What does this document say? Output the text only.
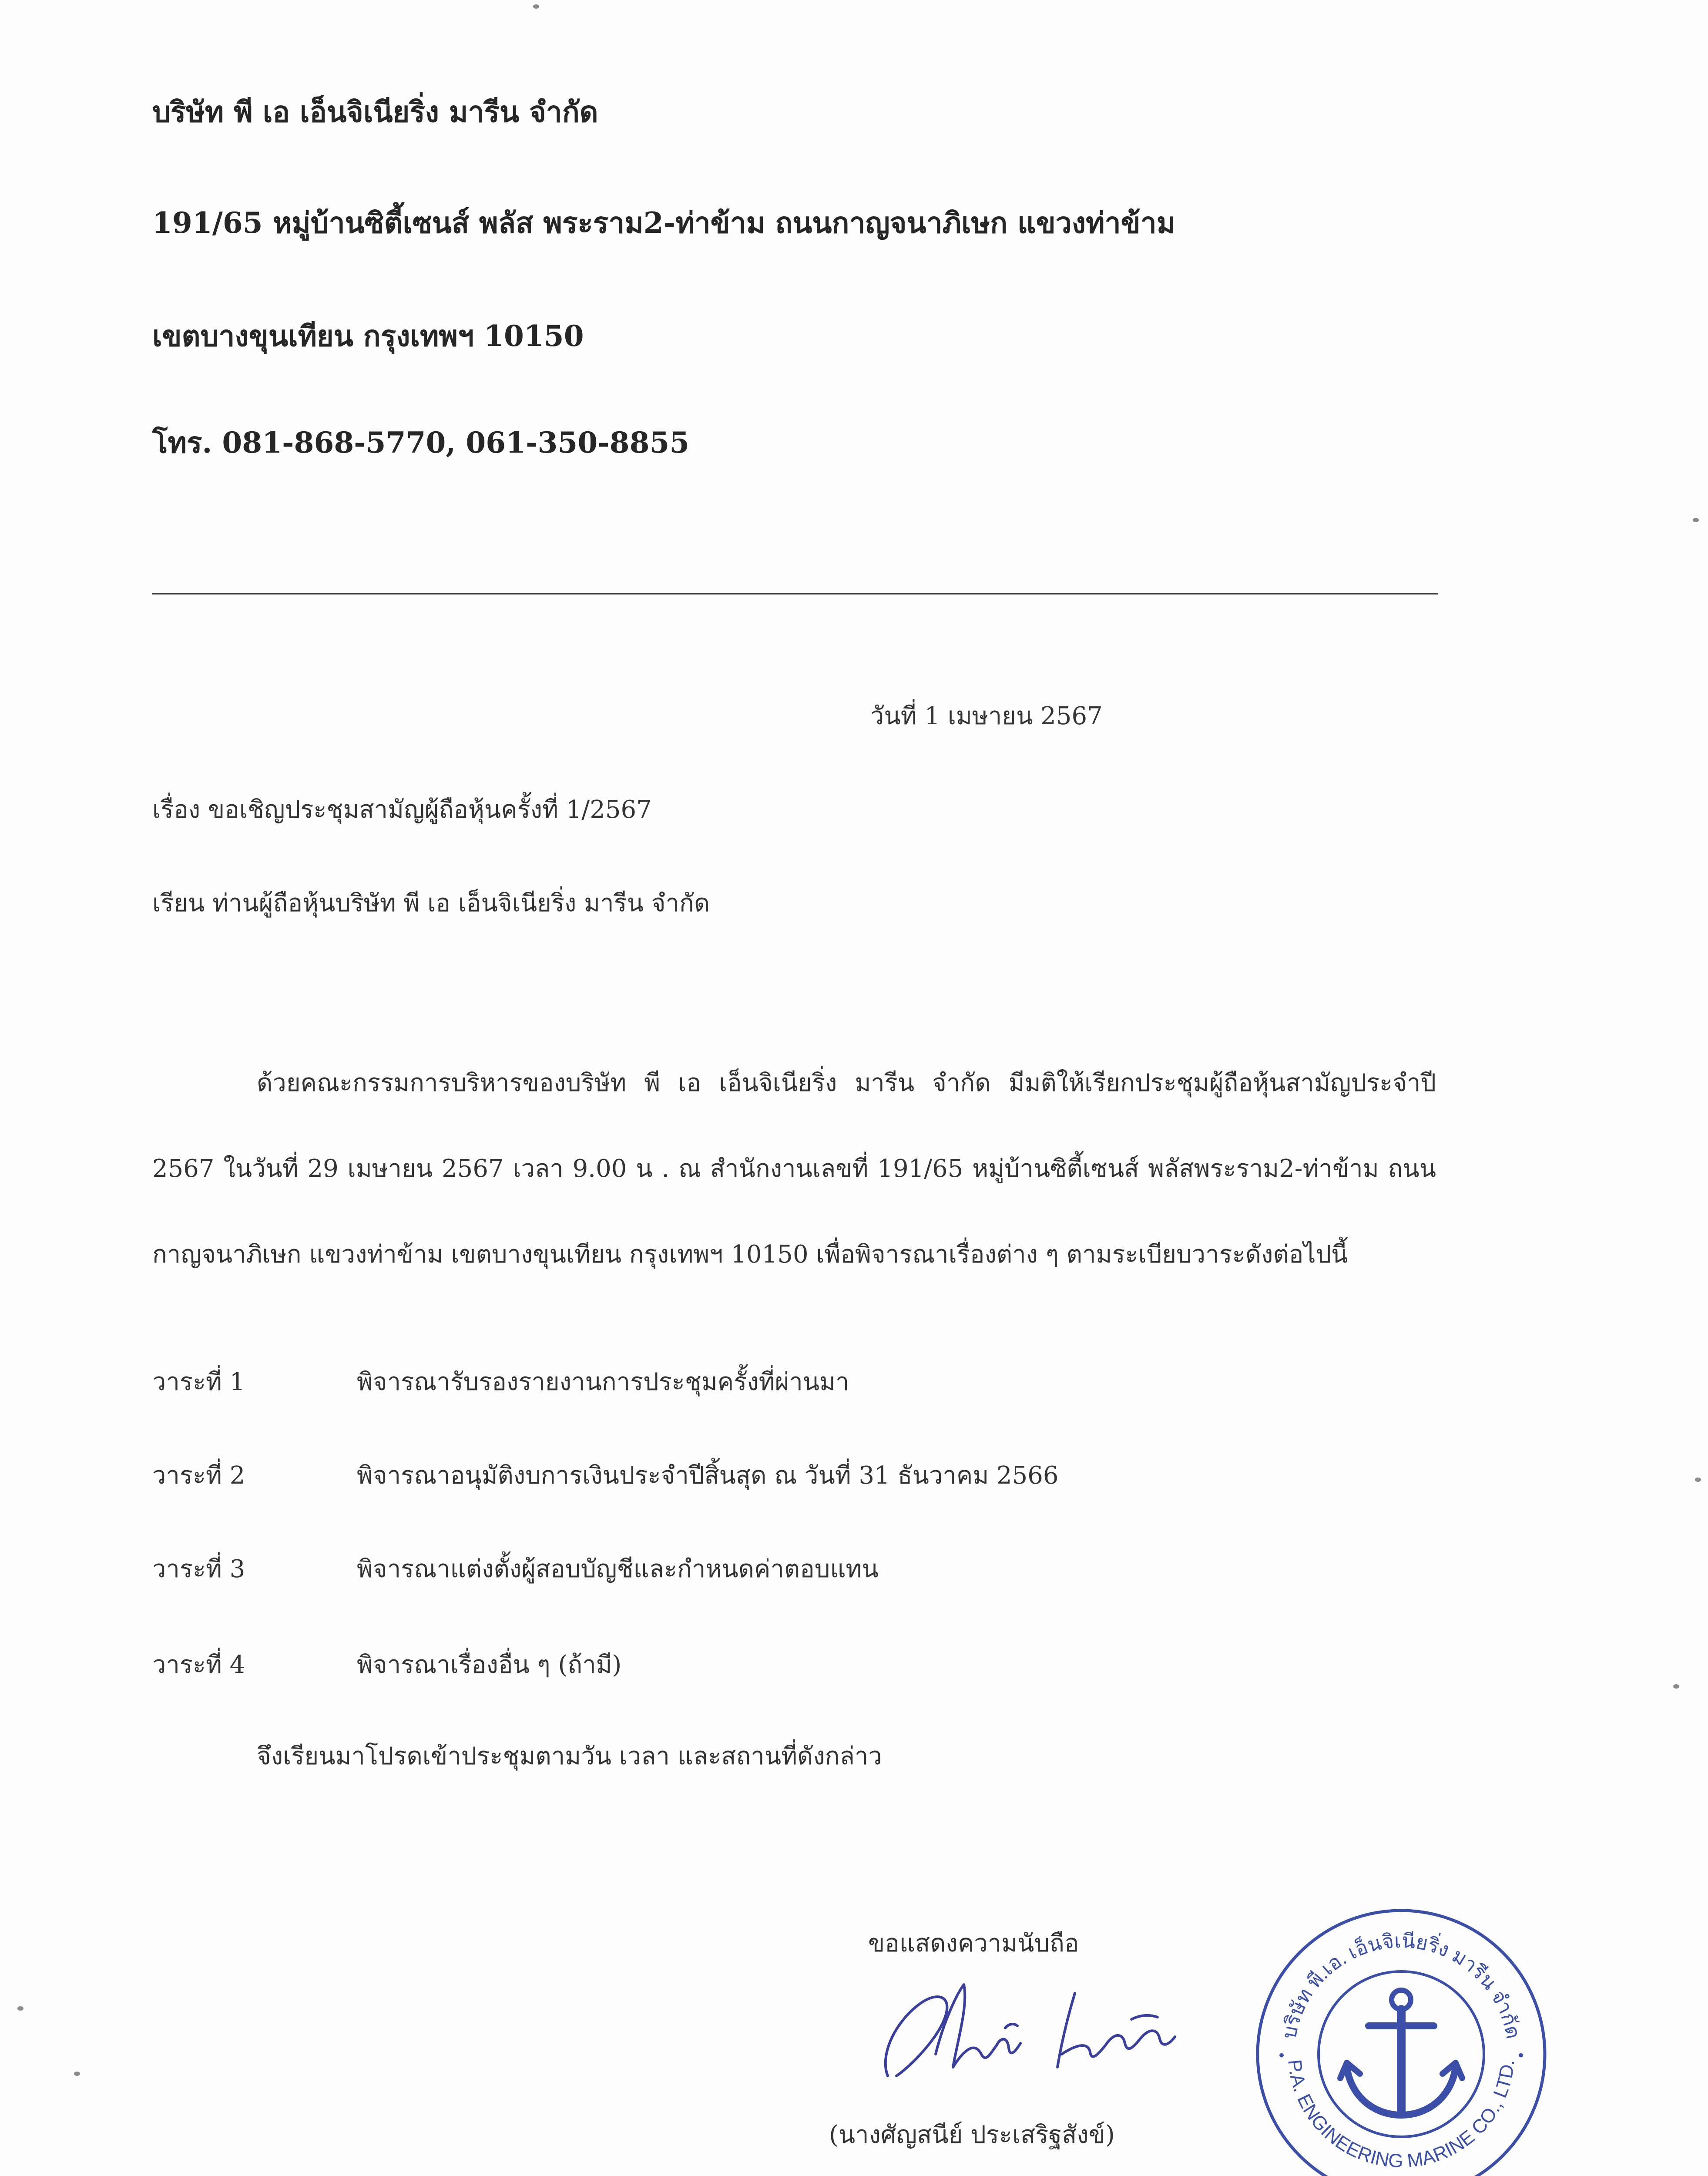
บริษัท พี เอ เอ็นจิเนียริ่ง มารีน จำกัด
191/65 หมู่บ้านซิตี้เซนส์ พลัส พระราม2-ท่าข้าม ถนนกาญจนาภิเษก แขวงท่าข้าม
เขตบางขุนเทียน กรุงเทพฯ 10150
โทร. 081-868-5770, 061-350-8855
วันที่ 1 เมษายน 2567
เรื่อง ขอเชิญประชุมสามัญผู้ถือหุ้นครั้งที่ 1/2567
เรียน ท่านผู้ถือหุ้นบริษัท พี เอ เอ็นจิเนียริ่ง มารีน จำกัด
ด้วยคณะกรรมการบริหารของบริษัท พี เอ เอ็นจิเนียริ่ง มารีน จำกัด มีมติให้เรียกประชุมผู้ถือหุ้นสามัญประจำปี 2567 ในวันที่ 29 เมษายน 2567 เวลา 9.00 น . ณ สำนักงานเลขที่ 191/65 หมู่บ้านซิตี้เซนส์ พลัสพระราม2-ท่าข้าม ถนนกาญจนาภิเษก แขวงท่าข้าม เขตบางขุนเทียน กรุงเทพฯ 10150 เพื่อพิจารณาเรื่องต่าง ๆ ตามระเบียบวาระดังต่อไปนี้
วาระที่ 1	พิจารณารับรองรายงานการประชุมครั้งที่ผ่านมา
วาระที่ 2	พิจารณาอนุมัติงบการเงินประจำปีสิ้นสุด ณ วันที่ 31 ธันวาคม 2566
วาระที่ 3	พิจารณาแต่งตั้งผู้สอบบัญชีและกำหนดค่าตอบแทน
วาระที่ 4	พิจารณาเรื่องอื่น ๆ (ถ้ามี)
จึงเรียนมาโปรดเข้าประชุมตามวัน เวลา และสถานที่ดังกล่าว
ขอแสดงความนับถือ
(นางศัญสนีย์ ประเสริฐสังข์)
บริษัท พี.เอ. เอ็นจิเนียริ่ง มารีน จำกัด
P.A. ENGINEERING MARINE CO., LTD.
•	•
